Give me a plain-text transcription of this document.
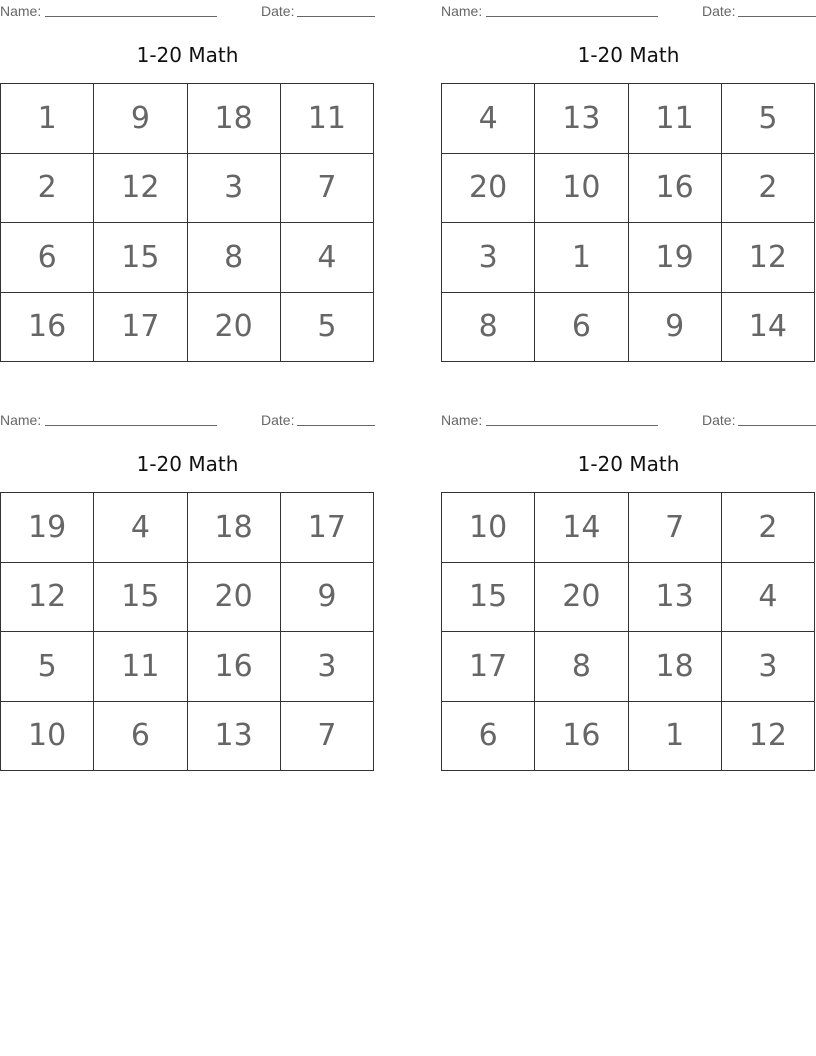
Name:	Date:
1-20 Math
1	9	18	11
2	12	3	7
6	15	8	4
16	17	20	5
Name:	Date:
1-20 Math
4	13	11	5
20	10	16	2
3	1	19	12
8	6	9	14
Name:	Date:
1-20 Math
19	4	18	17
12	15	20	9
5	11	16	3
10	6	13	7
Name:	Date:
1-20 Math
10	14	7	2
15	20	13	4
17	8	18	3
6	16	1	12
